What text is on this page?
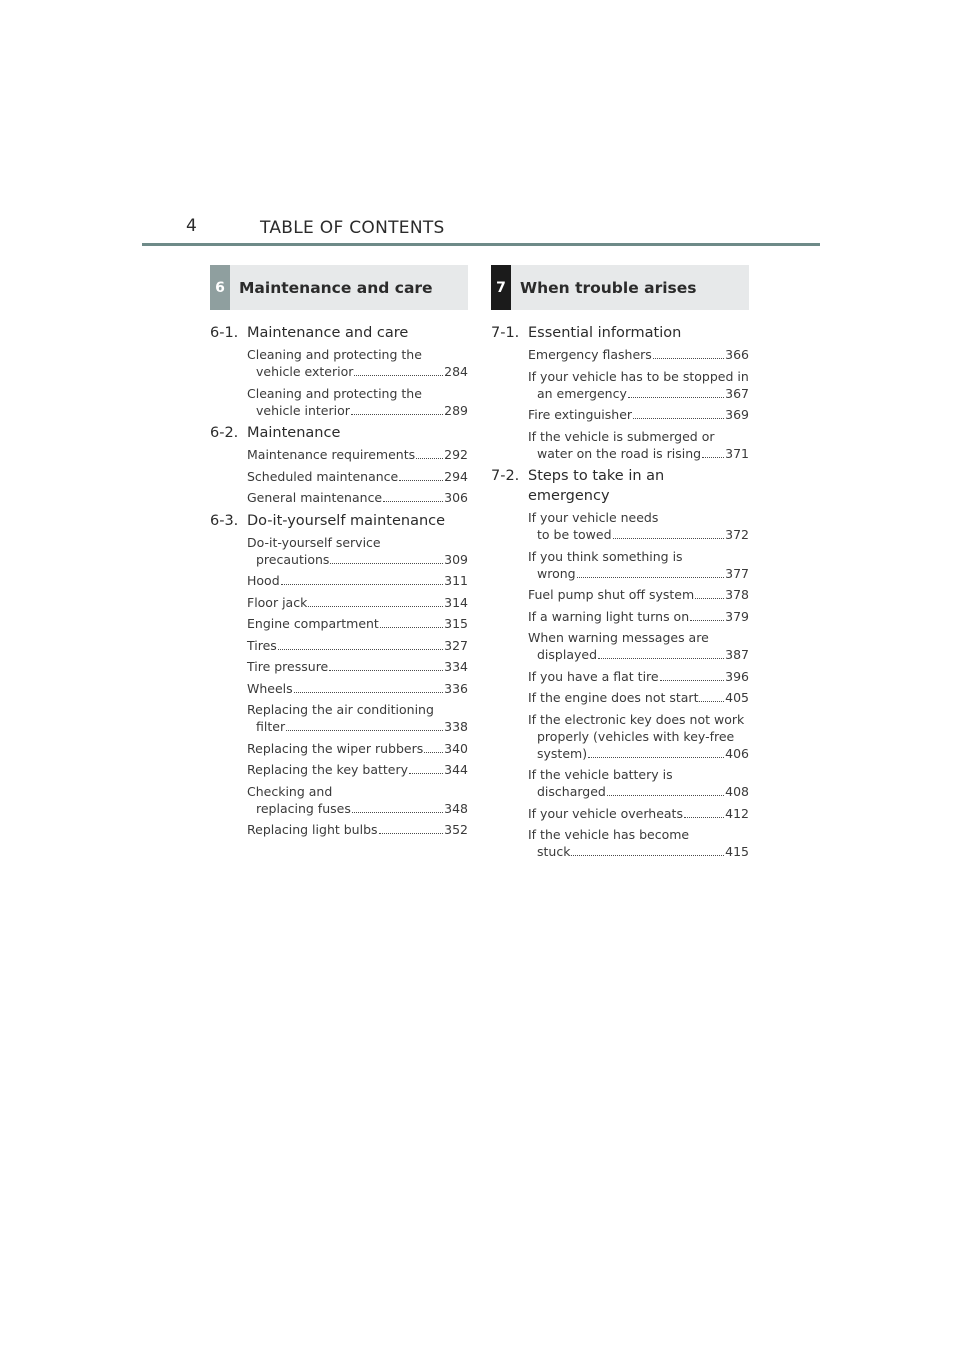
4	TABLE OF CONTENTS
6 Maintenance and care
6-1. Maintenance and care
Cleaning and protecting the
vehicle exterior	284
Cleaning and protecting the
vehicle interior	289
6-2. Maintenance
Maintenance requirements 292
Scheduled maintenance	294
General maintenance	306
6-3. Do-it-yourself maintenance
Do-it-yourself service
precautions	309
Hood	311
Floor jack	314
Engine compartment	315
Tires	327
Tire pressure	334
Wheels	336
Replacing the air conditioning
filter	338
Replacing the wiper rubbers 340
Replacing the key battery	344
Checking and
replacing fuses	348
Replacing light bulbs	352
7 When trouble arises
7-1. Essential information
Emergency flashers	366
If your vehicle has to be stopped in
an emergency	367
Fire extinguisher	369
If the vehicle is submerged or
water on the road is rising 371
7-2. Steps to take in an emergency
If your vehicle needs
to be towed	372
If you think something is
wrong	377
Fuel pump shut off system 378
If a warning light turns on	379
When warning messages are
displayed	387
If you have a flat tire	396
If the engine does not start 405
If the electronic key does not work
properly (vehicles with key-free
system)	406
If the vehicle battery is
discharged	408
If your vehicle overheats	412
If the vehicle has become
stuck	415
